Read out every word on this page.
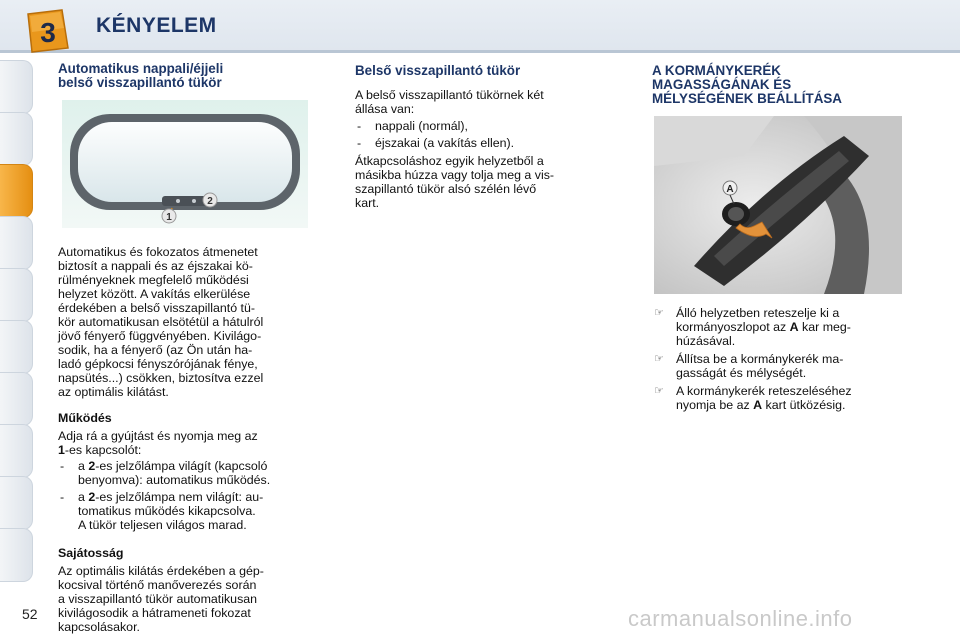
3 KÉNYELEM

Automatikus nappali/éjjeli
belső visszapillantó tükör

1
2

Automatikus és fokozatos átmenetet
biztosít a nappali és az éjszakai kö-
rülményeknek megfelelő működési
helyzet között. A vakítás elkerülése
érdekében a belső visszapillantó tü-
kör automatikusan elsötétül a hátulról
jövő fényerő függvényében. Kivilágo-
sodik, ha a fényerő (az Ön után ha-
ladó gépkocsi fényszórójának fénye,
napsütés...) csökken, biztosítva ezzel
az optimális kilátást.

Működés

Adja rá a gyújtást és nyomja meg az
1-es kapcsolót:

- a 2-es jelzőlámpa világít (kapcsoló
benyomva): automatikus működés.

- a 2-es jelzőlámpa nem világít: au-
tomatikus működés kikapcsolva.
A tükör teljesen világos marad.

Sajátosság

Az optimális kilátás érdekében a gép-
kocsival történő manőverezés során
a visszapillantó tükör automatikusan
kivilágosodik a hátrameneti fokozat
kapcsolásakor.

Belső visszapillantó tükör

A belső visszapillantó tükörnek két
állása van:

- nappali (normál),

- éjszakai (a vakítás ellen).

Átkapcsoláshoz egyik helyzetből a
másikba húzza vagy tolja meg a vis-
szapillantó tükör alsó szélén lévő
kart.

A KORMÁNYKERÉK
MAGASSÁGÁNAK ÉS
MÉLYSÉGÉNEK BEÁLLÍTÁSA

A

☞ Álló helyzetben reteszelje ki a
kormányoszlopot az A kar meg-
húzásával.

☞ Állítsa be a kormánykerék ma-
gasságát és mélységét.

☞ A kormánykerék reteszeléséhez
nyomja be az A kart ütközésig.

52	carmanualsonline.info
